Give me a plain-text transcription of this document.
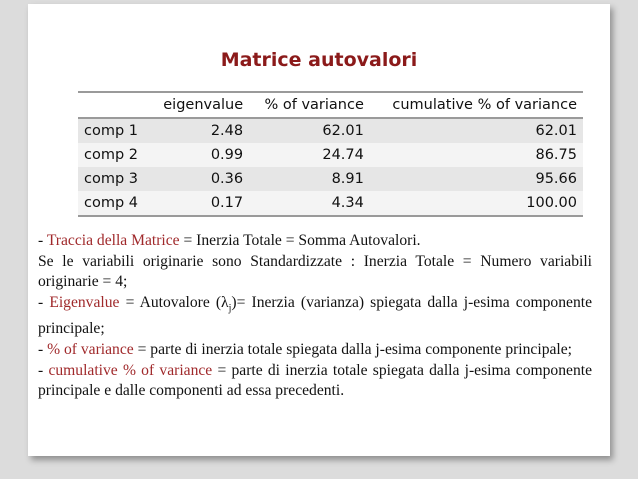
Matrice autovalori
	eigenvalue	% of variance	cumulative % of variance
comp 1	2.48	62.01	62.01
comp 2	0.99	24.74	86.75
comp 3	0.36	8.91	95.66
comp 4	0.17	4.34	100.00

- Traccia della Matrice = Inerzia Totale = Somma Autovalori.

Se le variabili originarie sono Standardizzate : Inerzia Totale = Numero variabili originarie = 4;

- Eigenvalue = Autovalore $(\lambda_j)=$ Inerzia (varianza) spiegata dalla j-esima componente principale;

- % of variance = parte di inerzia totale spiegata dalla j-esima componente principale;

- cumulative % of variance = parte di inerzia totale spiegata dalla j-esima componente principale e dalle componenti ad essa precedenti.
